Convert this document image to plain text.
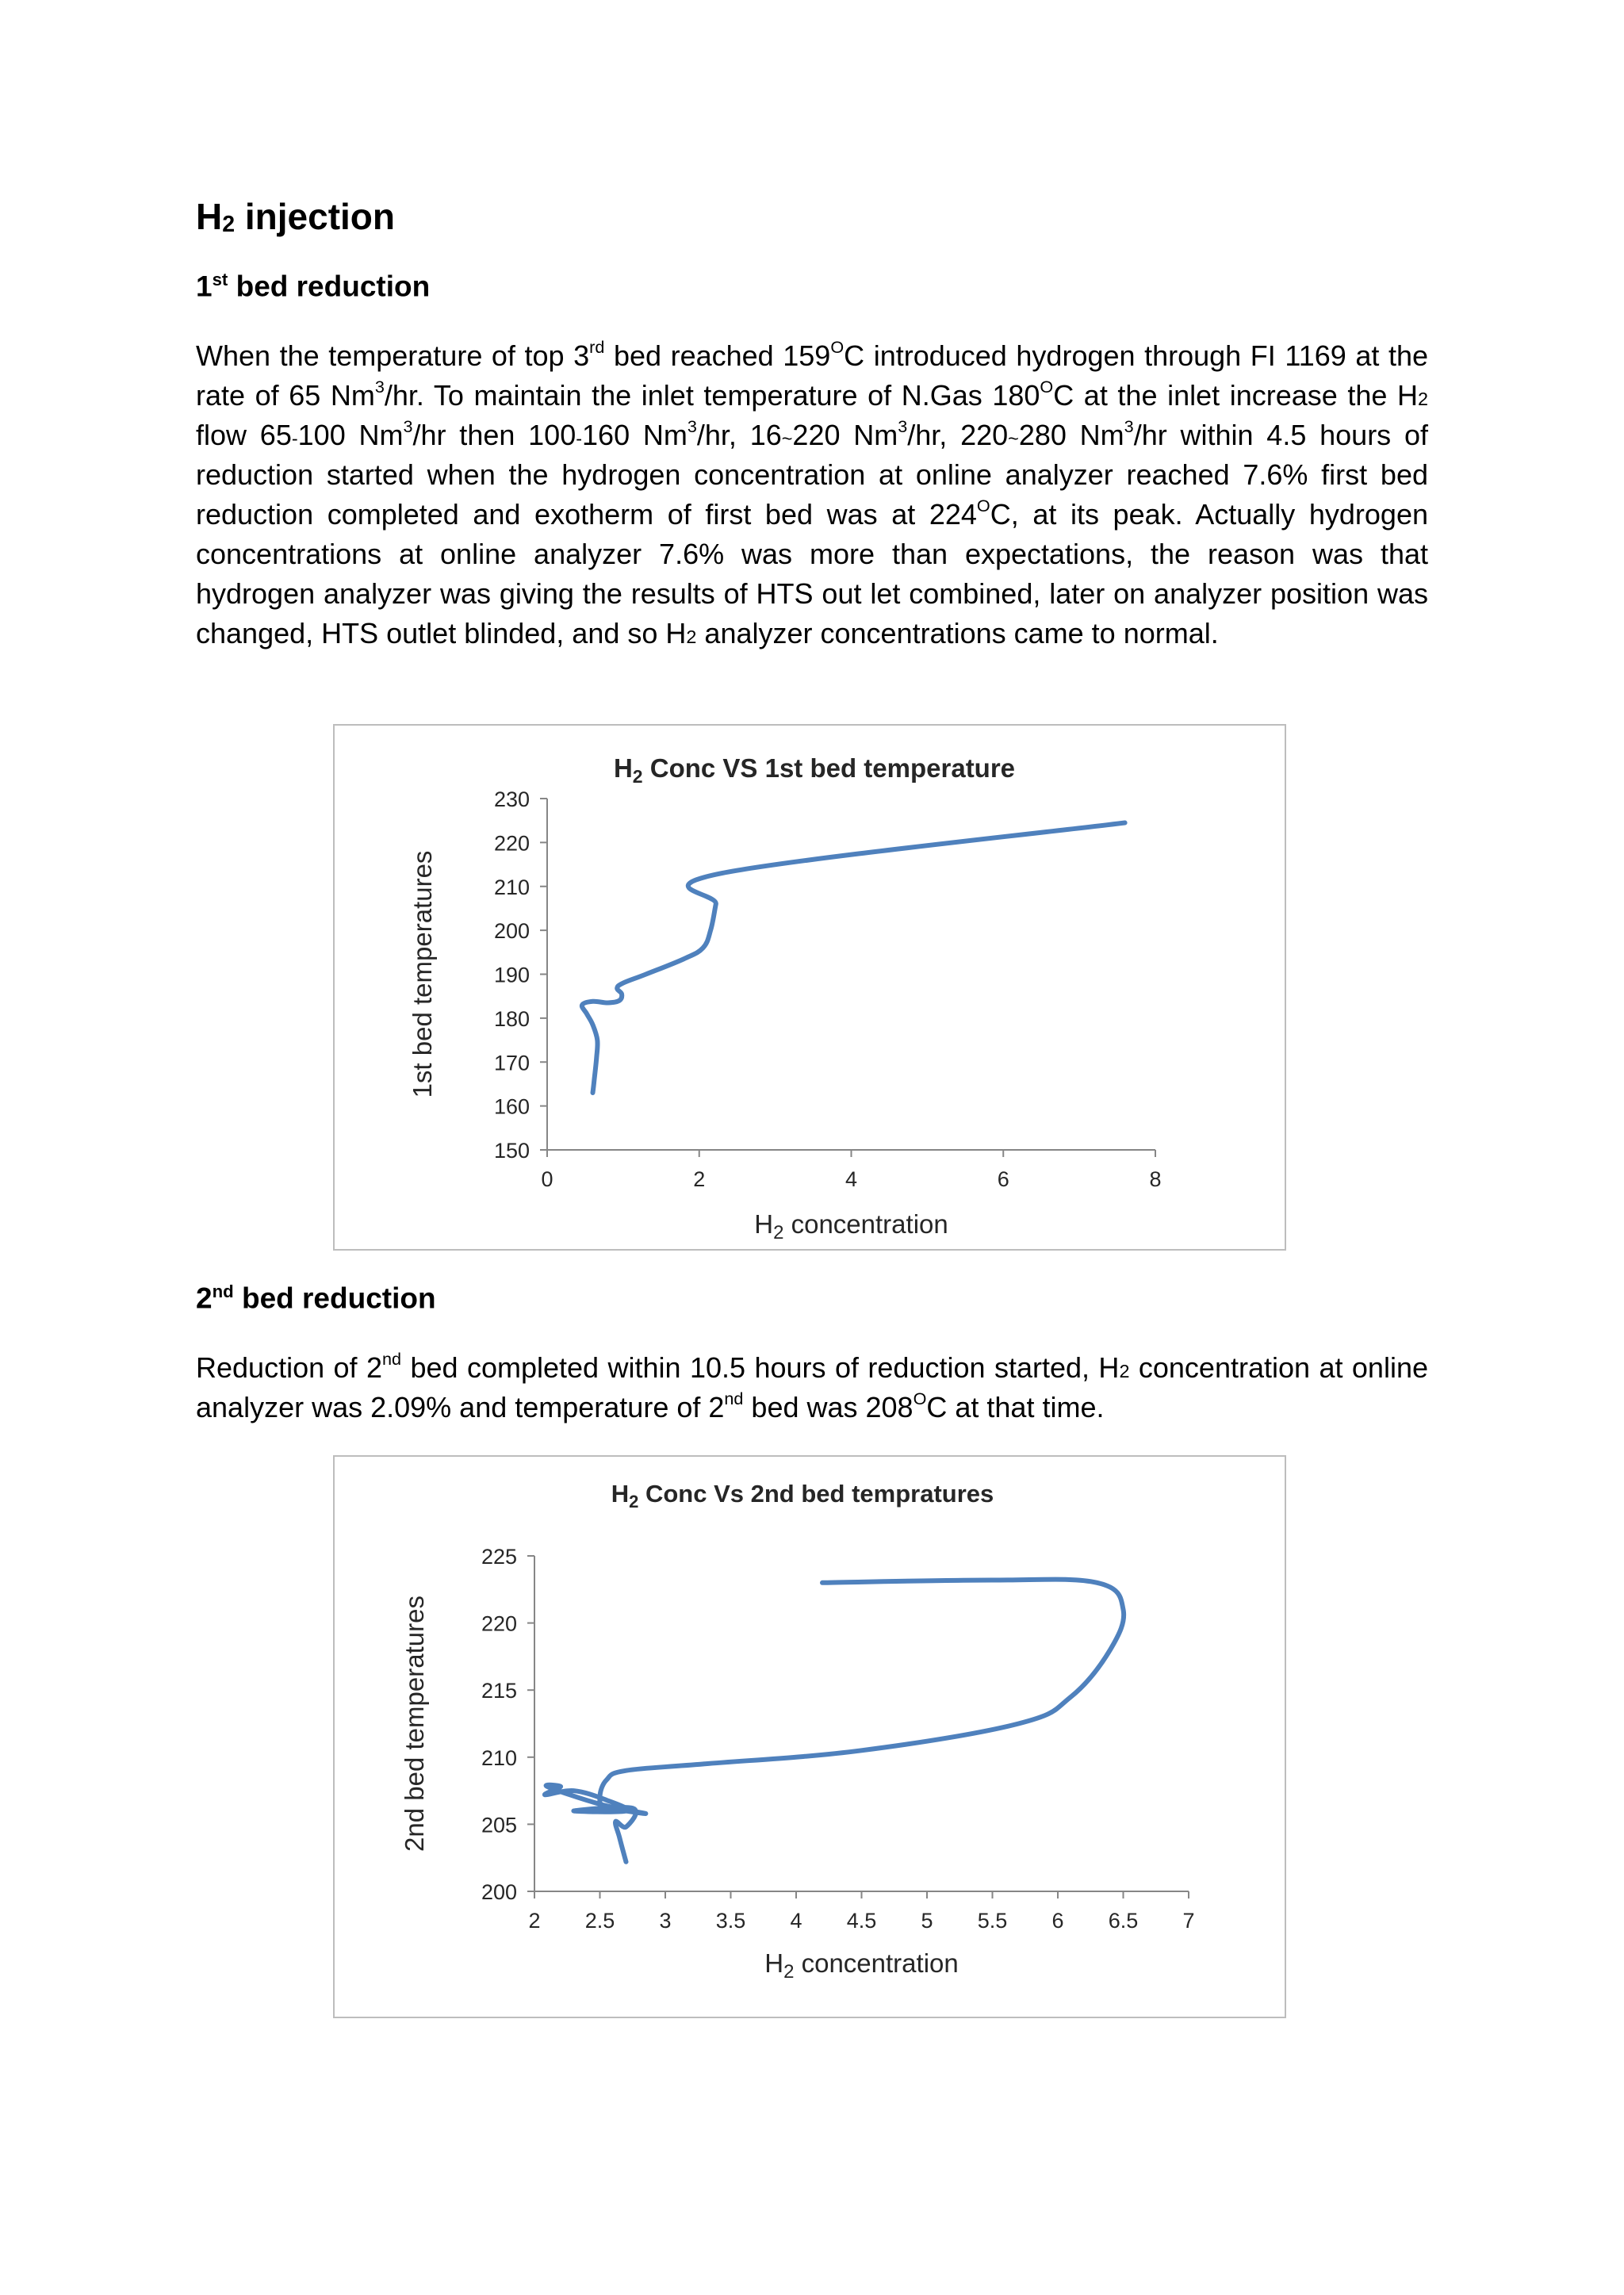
$H_2$ injection
1st bed reduction

When the temperature of top 3rd bed reached $159^OC$ introduced hydrogen through FI 1169 at the rate of 65 Nm$^3$/hr. To maintain the inlet temperature of N.Gas $180^OC$ at the inlet increase the H2 flow 65-100 Nm$^3$/hr then 100-160 Nm$^3$/hr, 16~220 Nm$^3$/hr, 220~280 Nm$^3$/hr within 4.5 hours of reduction started when the hydrogen concentration at online analyzer reached 7.6% first bed reduction completed and exotherm of first bed was at $224^OC$, at its peak. Actually hydrogen concentrations at online analyzer 7.6% was more than expectations, the reason was that hydrogen analyzer was giving the results of HTS out let combined, later on analyzer position was changed, HTS outlet blinded, and so H2 analyzer concentrations came to normal.

$H_2$ Conc VS 1st bed temperature
150
160
170
180
190
200
210
220
230
0	2	4	6	8
$H_2$ concentration
1st bed temperatures
2nd bed reduction

Reduction of 2nd bed completed within 10.5 hours of reduction started, H2 concentration at online analyzer was 2.09% and temperature of 2nd bed was $208^OC$ at that time.

$H_2$ Conc Vs 2nd bed tempratures
200
205
210
215
220
225
2 2.5 3 3.5 4 4.5 5 5.5 6 6.5 7
$H_2$ concentration
2nd bed temperatures
